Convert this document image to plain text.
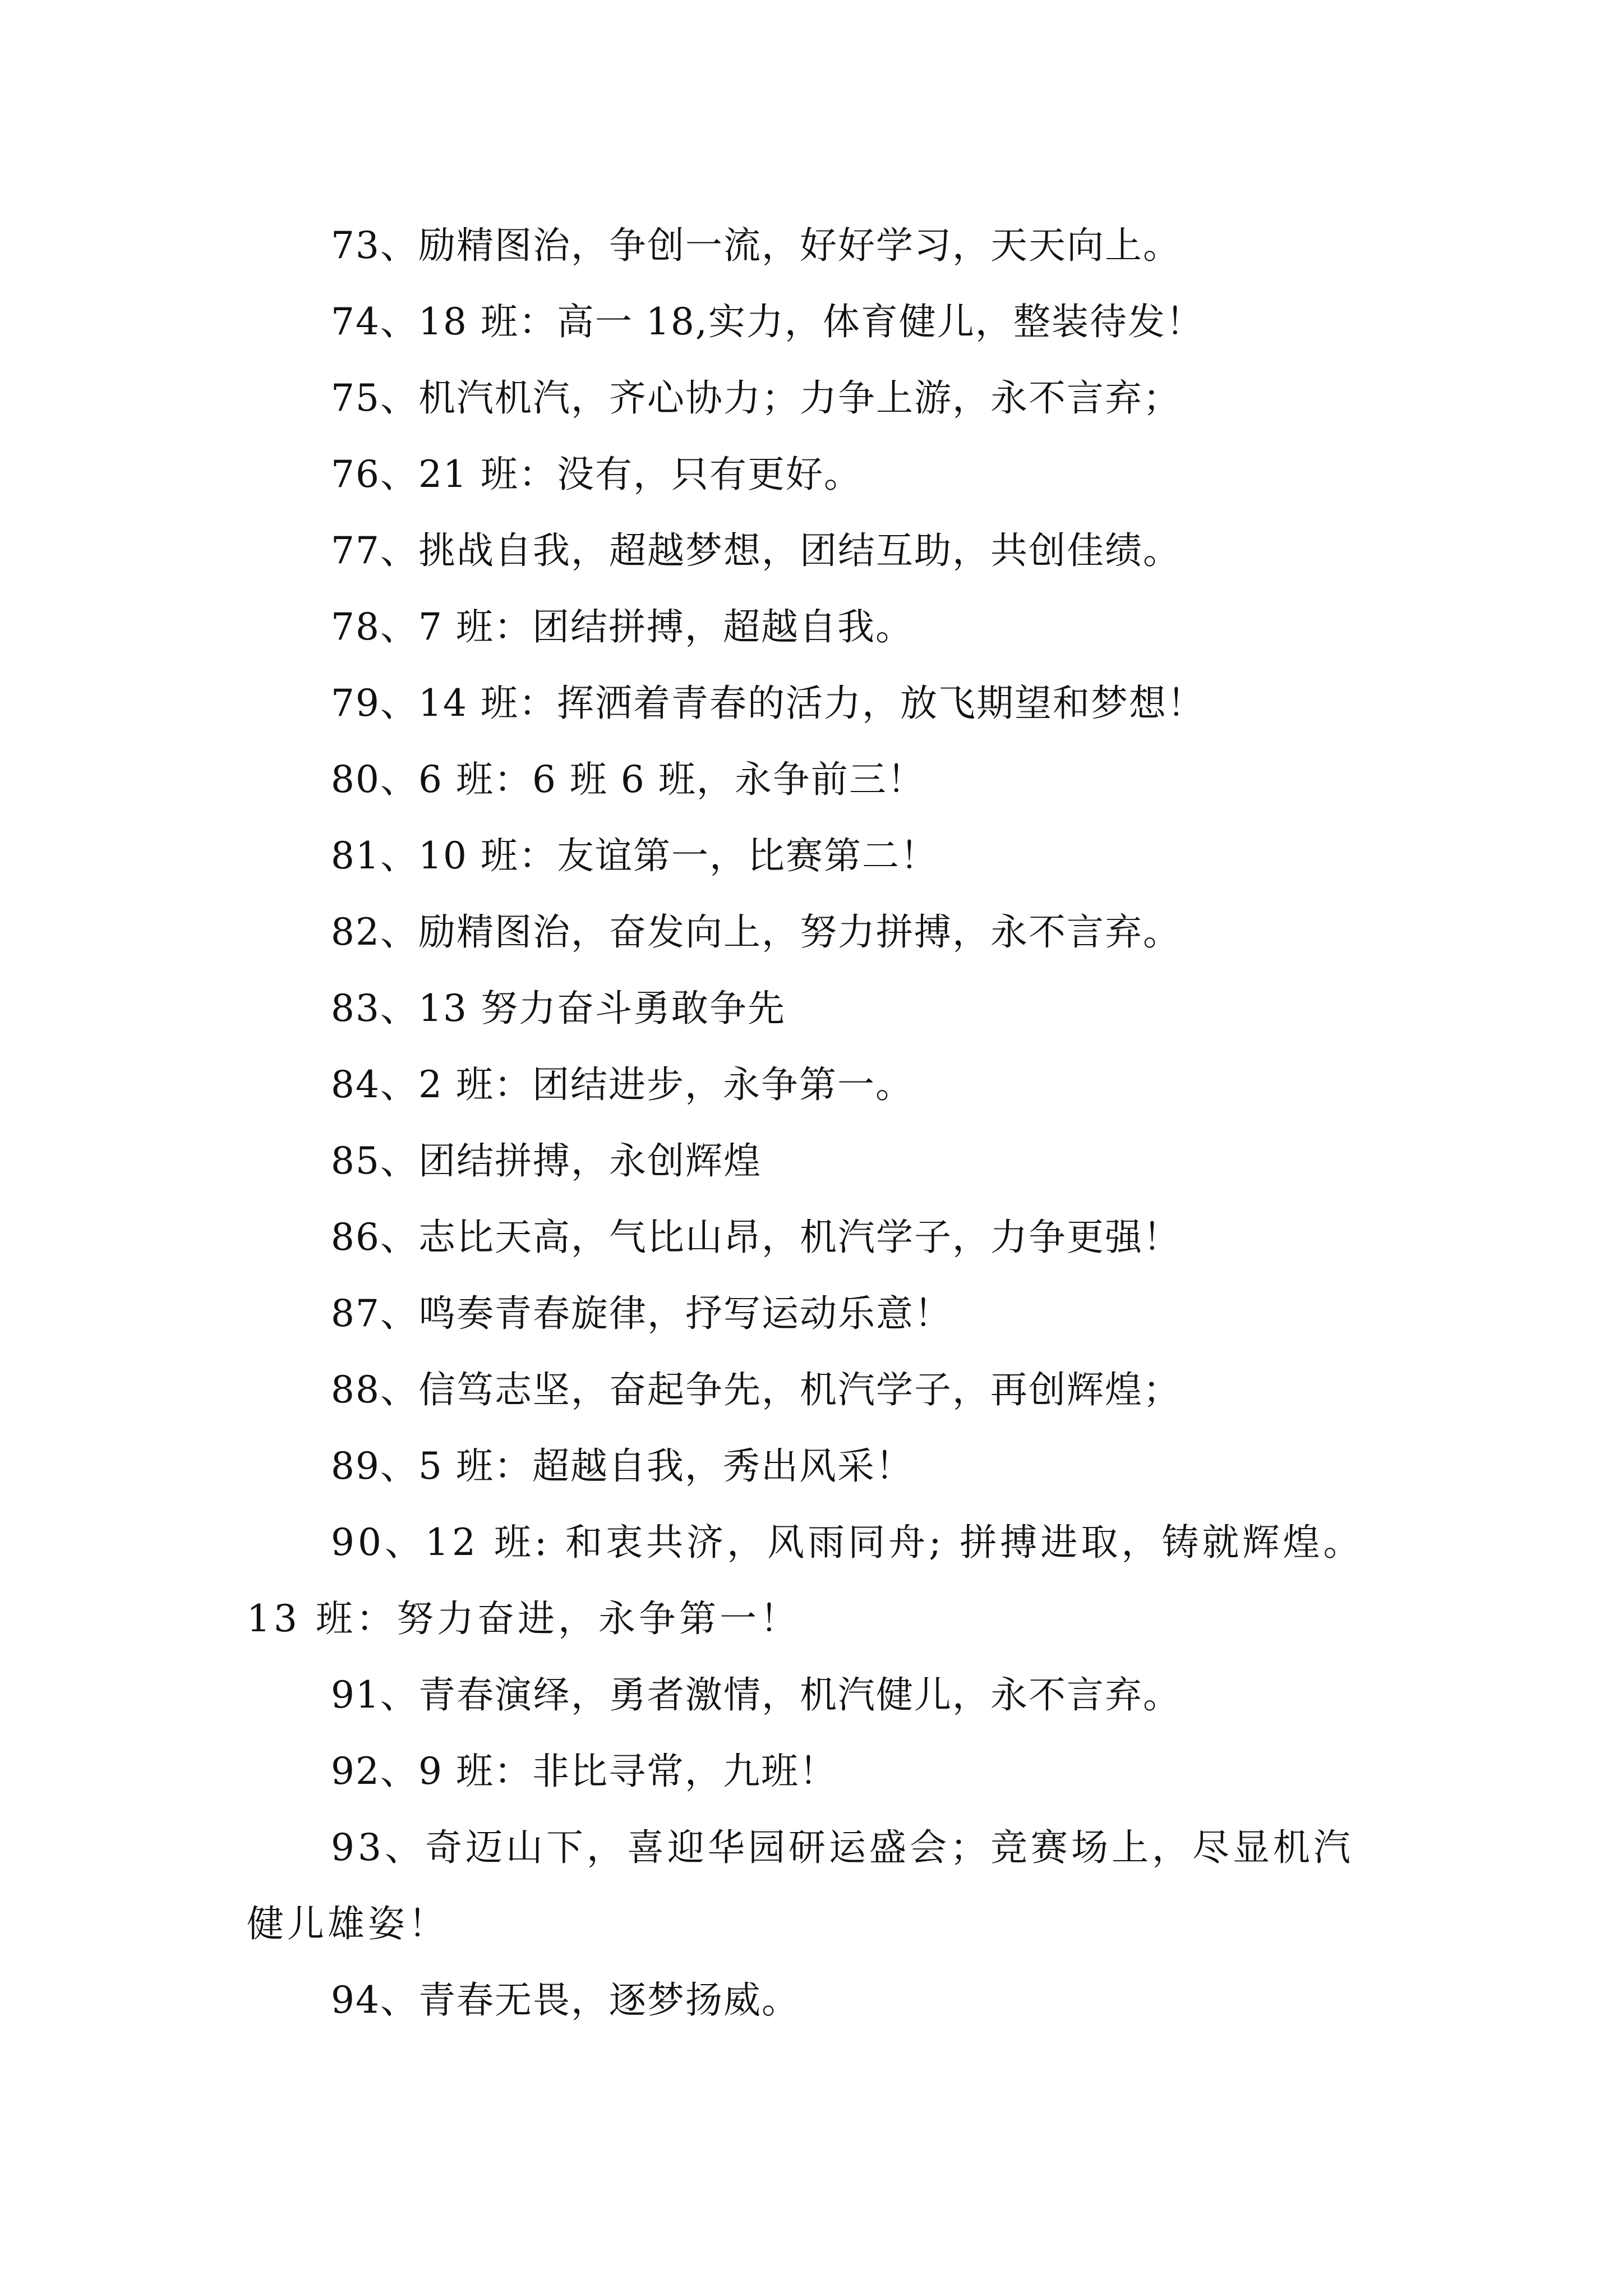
73、励精图治，争创一流，好好学习，天天向上。
74、18 班：高一 18,实力，体育健儿，整装待发！
75、机汽机汽，齐心协力；力争上游，永不言弃；
76、21 班：没有，只有更好。
77、挑战自我，超越梦想，团结互助，共创佳绩。
78、7 班：团结拼搏，超越自我。
79、14 班：挥洒着青春的活力，放飞期望和梦想！
80、6 班：6 班 6 班，永争前三！
81、10 班：友谊第一，比赛第二！
82、励精图治，奋发向上，努力拼搏，永不言弃。
83、13 努力奋斗勇敢争先
84、2 班：团结进步，永争第一。
85、团结拼搏，永创辉煌
86、志比天高，气比山昂，机汽学子，力争更强！
87、鸣奏青春旋律，抒写运动乐意！
88、信笃志坚，奋起争先，机汽学子，再创辉煌；
89、5 班：超越自我，秀出风采！
90、12 班: 和衷共济，风雨同舟; 拼搏进取，铸就辉煌。13 班：努力奋进，永争第一！
91、青春演绎，勇者激情，机汽健儿，永不言弃。
92、9 班：非比寻常，九班！
93、奇迈山下，喜迎华园研运盛会；竞赛场上，尽显机汽健儿雄姿！
94、青春无畏，逐梦扬威。
